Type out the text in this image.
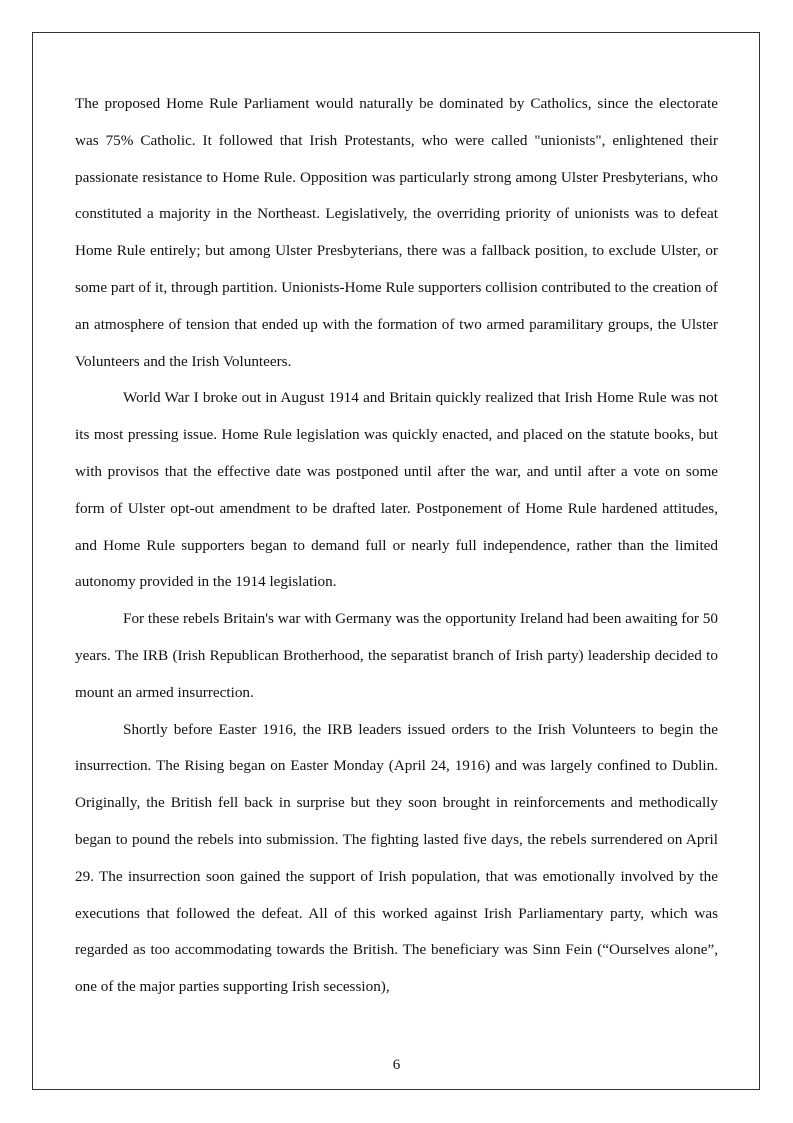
The proposed Home Rule Parliament would naturally be dominated by Catholics, since the electorate was 75% Catholic. It followed that Irish Protestants, who were called "unionists", enlightened their passionate resistance to Home Rule. Opposition was particularly strong among Ulster Presbyterians, who constituted a majority in the Northeast. Legislatively, the overriding priority of unionists was to defeat Home Rule entirely; but among Ulster Presbyterians, there was a fallback position, to exclude Ulster, or some part of it, through partition. Unionists-Home Rule supporters collision contributed to the creation of an atmosphere of tension that ended up with the formation of two armed paramilitary groups, the Ulster Volunteers and the Irish Volunteers.

World War I broke out in August 1914 and Britain quickly realized that Irish Home Rule was not its most pressing issue. Home Rule legislation was quickly enacted, and placed on the statute books, but with provisos that the effective date was postponed until after the war, and until after a vote on some form of Ulster opt-out amendment to be drafted later. Postponement of Home Rule hardened attitudes, and Home Rule supporters began to demand full or nearly full independence, rather than the limited autonomy provided in the 1914 legislation.

For these rebels Britain's war with Germany was the opportunity Ireland had been awaiting for 50 years. The IRB (Irish Republican Brotherhood, the separatist branch of Irish party) leadership decided to mount an armed insurrection.

Shortly before Easter 1916, the IRB leaders issued orders to the Irish Volunteers to begin the insurrection. The Rising began on Easter Monday (April 24, 1916) and was largely confined to Dublin. Originally, the British fell back in surprise but they soon brought in reinforcements and methodically began to pound the rebels into submission. The fighting lasted five days, the rebels surrendered on April 29. The insurrection soon gained the support of Irish population, that was emotionally involved by the executions that followed the defeat. All of this worked against Irish Parliamentary party, which was regarded as too accommodating towards the British. The beneficiary was Sinn Fein (“Ourselves alone”, one of the major parties supporting Irish secession),

6
